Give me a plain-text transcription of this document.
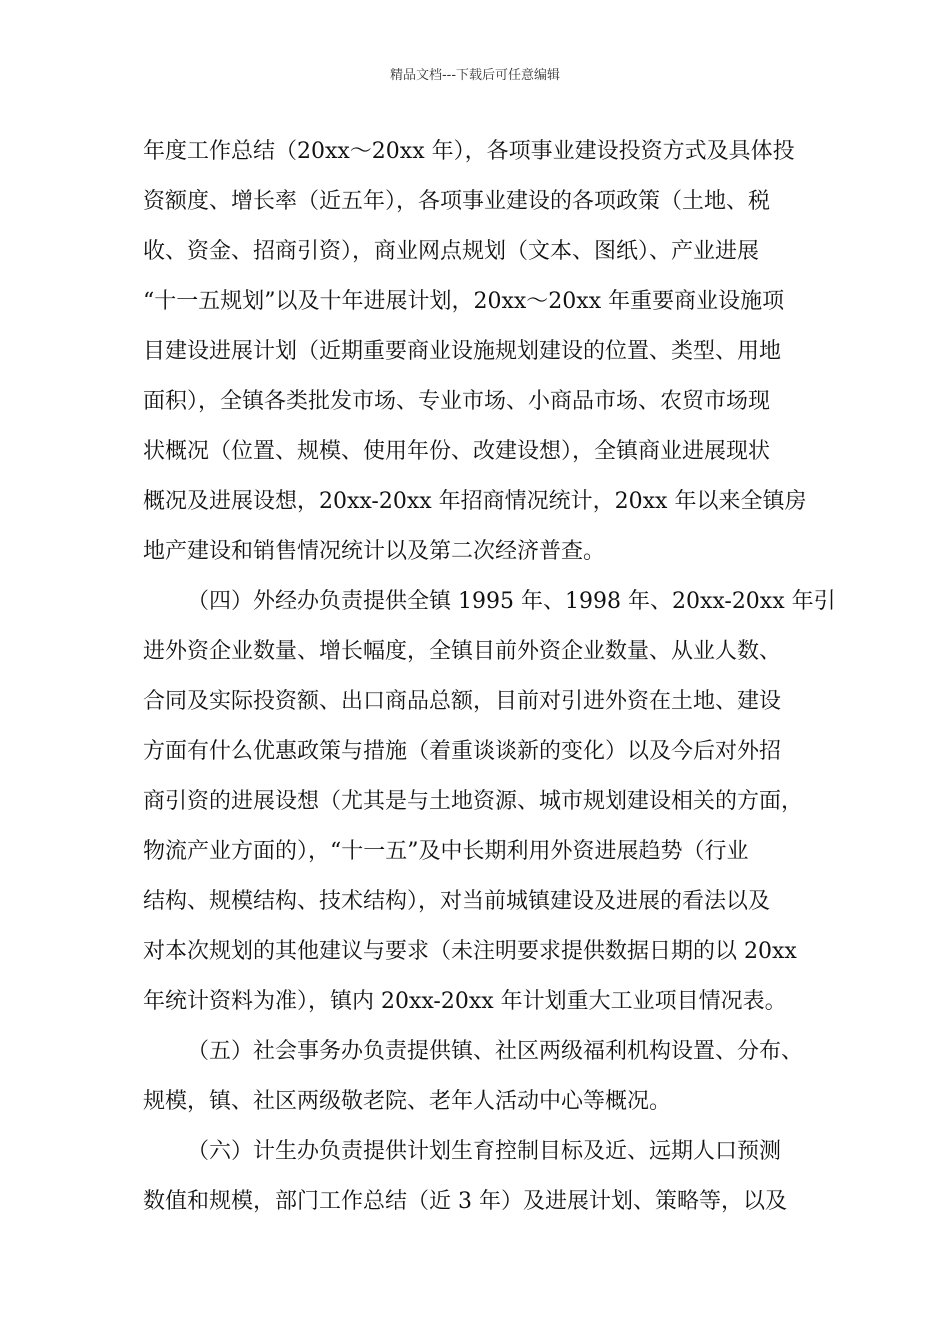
精品文档---下载后可任意编辑
年度工作总结（20xx～20xx 年），各项事业建设投资方式及具体投
资额度、增长率（近五年），各项事业建设的各项政策（土地、税
收、资金、招商引资），商业网点规划（文本、图纸）、产业进展
“十一五规划”以及十年进展计划，20xx～20xx 年重要商业设施项
目建设进展计划（近期重要商业设施规划建设的位置、类型、用地
面积），全镇各类批发市场、专业市场、小商品市场、农贸市场现
状概况（位置、规模、使用年份、改建设想），全镇商业进展现状
概况及进展设想，20xx-20xx 年招商情况统计，20xx 年以来全镇房
地产建设和销售情况统计以及第二次经济普查。
（四）外经办负责提供全镇 1995 年、1998 年、20xx-20xx 年引
进外资企业数量、增长幅度，全镇目前外资企业数量、从业人数、
合同及实际投资额、出口商品总额，目前对引进外资在土地、建设
方面有什么优惠政策与措施（着重谈谈新的变化）以及今后对外招
商引资的进展设想（尤其是与土地资源、城市规划建设相关的方面，
物流产业方面的），“十一五”及中长期利用外资进展趋势（行业
结构、规模结构、技术结构），对当前城镇建设及进展的看法以及
对本次规划的其他建议与要求（未注明要求提供数据日期的以 20xx
年统计资料为准），镇内 20xx-20xx 年计划重大工业项目情况表。
（五）社会事务办负责提供镇、社区两级福利机构设置、分布、
规模，镇、社区两级敬老院、老年人活动中心等概况。
（六）计生办负责提供计划生育控制目标及近、远期人口预测
数值和规模，部门工作总结（近 3 年）及进展计划、策略等，以及
